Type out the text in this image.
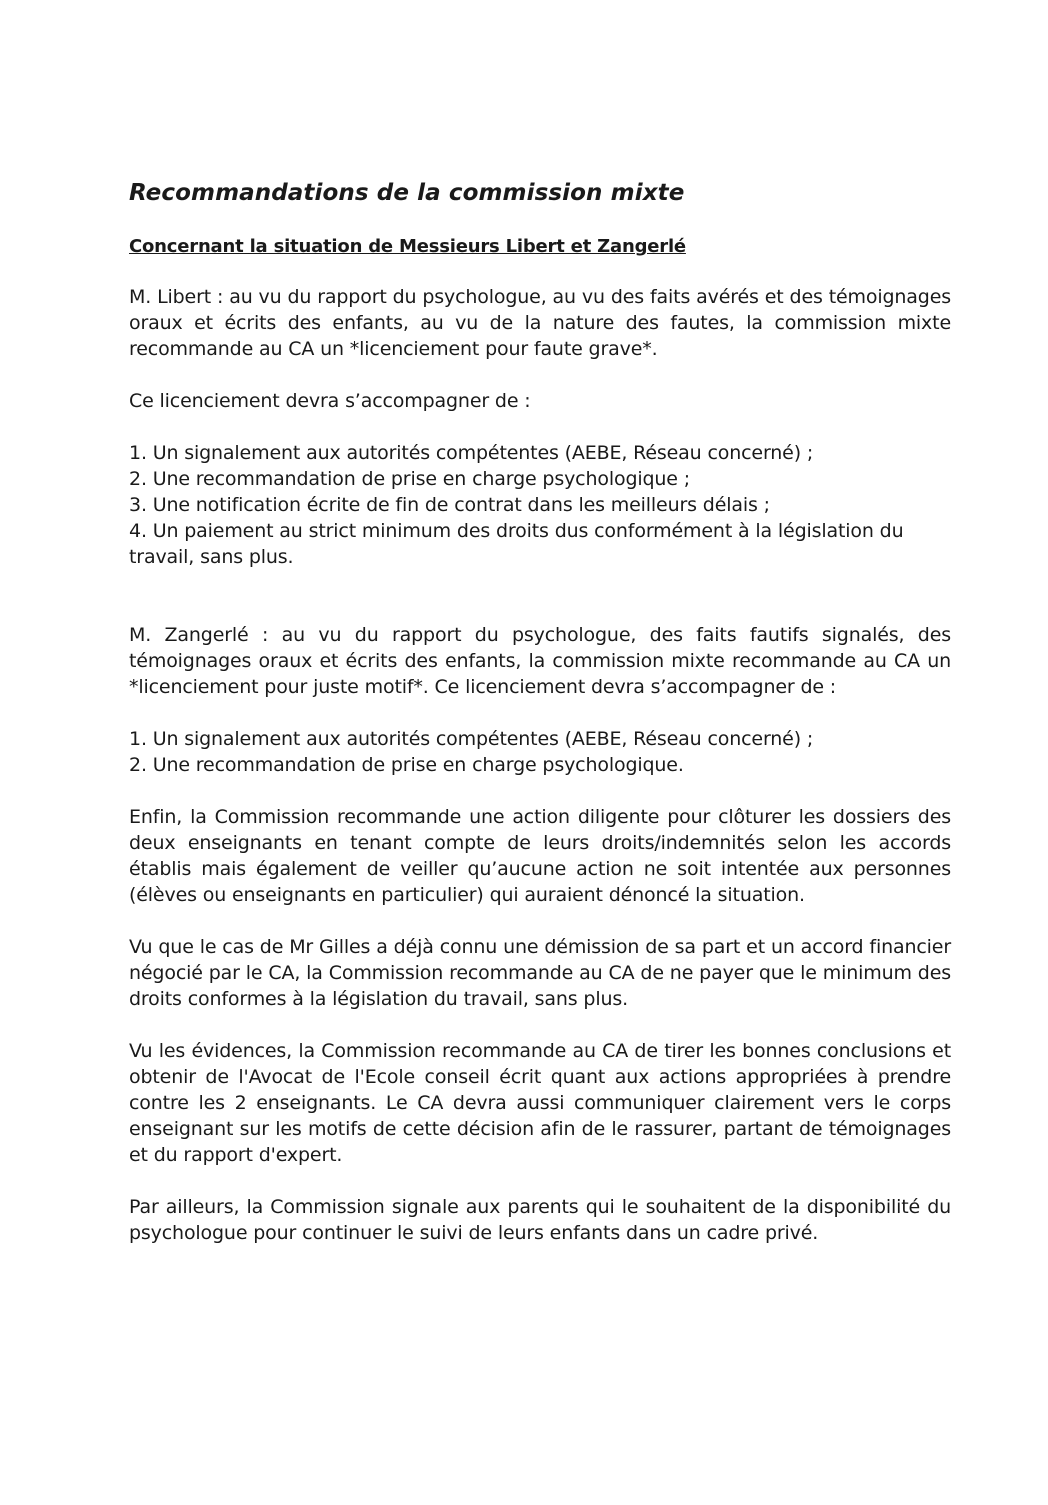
Recommandations de la commission mixte
Concernant la situation de Messieurs Libert et Zangerlé

M. Libert : au vu du rapport du psychologue, au vu des faits avérés et des témoignages oraux et écrits des enfants, au vu de la nature des fautes, la commission mixte recommande au CA un *licenciement pour faute grave*.

Ce licenciement devra s’accompagner de :

1. Un signalement aux autorités compétentes (AEBE, Réseau concerné) ;
2. Une recommandation de prise en charge psychologique ;
3. Une notification écrite de fin de contrat dans les meilleurs délais ;
4. Un paiement au strict minimum des droits dus conformément à la législation du travail, sans plus.

M. Zangerlé : au vu du rapport du psychologue, des faits fautifs signalés, des témoignages oraux et écrits des enfants, la commission mixte recommande au CA un *licenciement pour juste motif*. Ce licenciement devra s’accompagner de :

1. Un signalement aux autorités compétentes (AEBE, Réseau concerné) ;
2. Une recommandation de prise en charge psychologique.

Enfin, la Commission recommande une action diligente pour clôturer les dossiers des deux enseignants en tenant compte de leurs droits/indemnités selon les accords établis mais également de veiller qu’aucune action ne soit intentée aux personnes (élèves ou enseignants en particulier) qui auraient dénoncé la situation.

Vu que le cas de Mr Gilles a déjà connu une démission de sa part et un accord financier négocié par le CA, la Commission recommande au CA de ne payer que le minimum des droits conformes à la législation du travail, sans plus.

Vu les évidences, la Commission recommande au CA de tirer les bonnes conclusions et obtenir de l'Avocat de l'Ecole conseil écrit quant aux actions appropriées à prendre contre les 2 enseignants. Le CA devra aussi communiquer clairement vers le corps enseignant sur les motifs de cette décision afin de le rassurer, partant de témoignages et du rapport d'expert.

Par ailleurs, la Commission signale aux parents qui le souhaitent de la disponibilité du psychologue pour continuer le suivi de leurs enfants dans un cadre privé.
